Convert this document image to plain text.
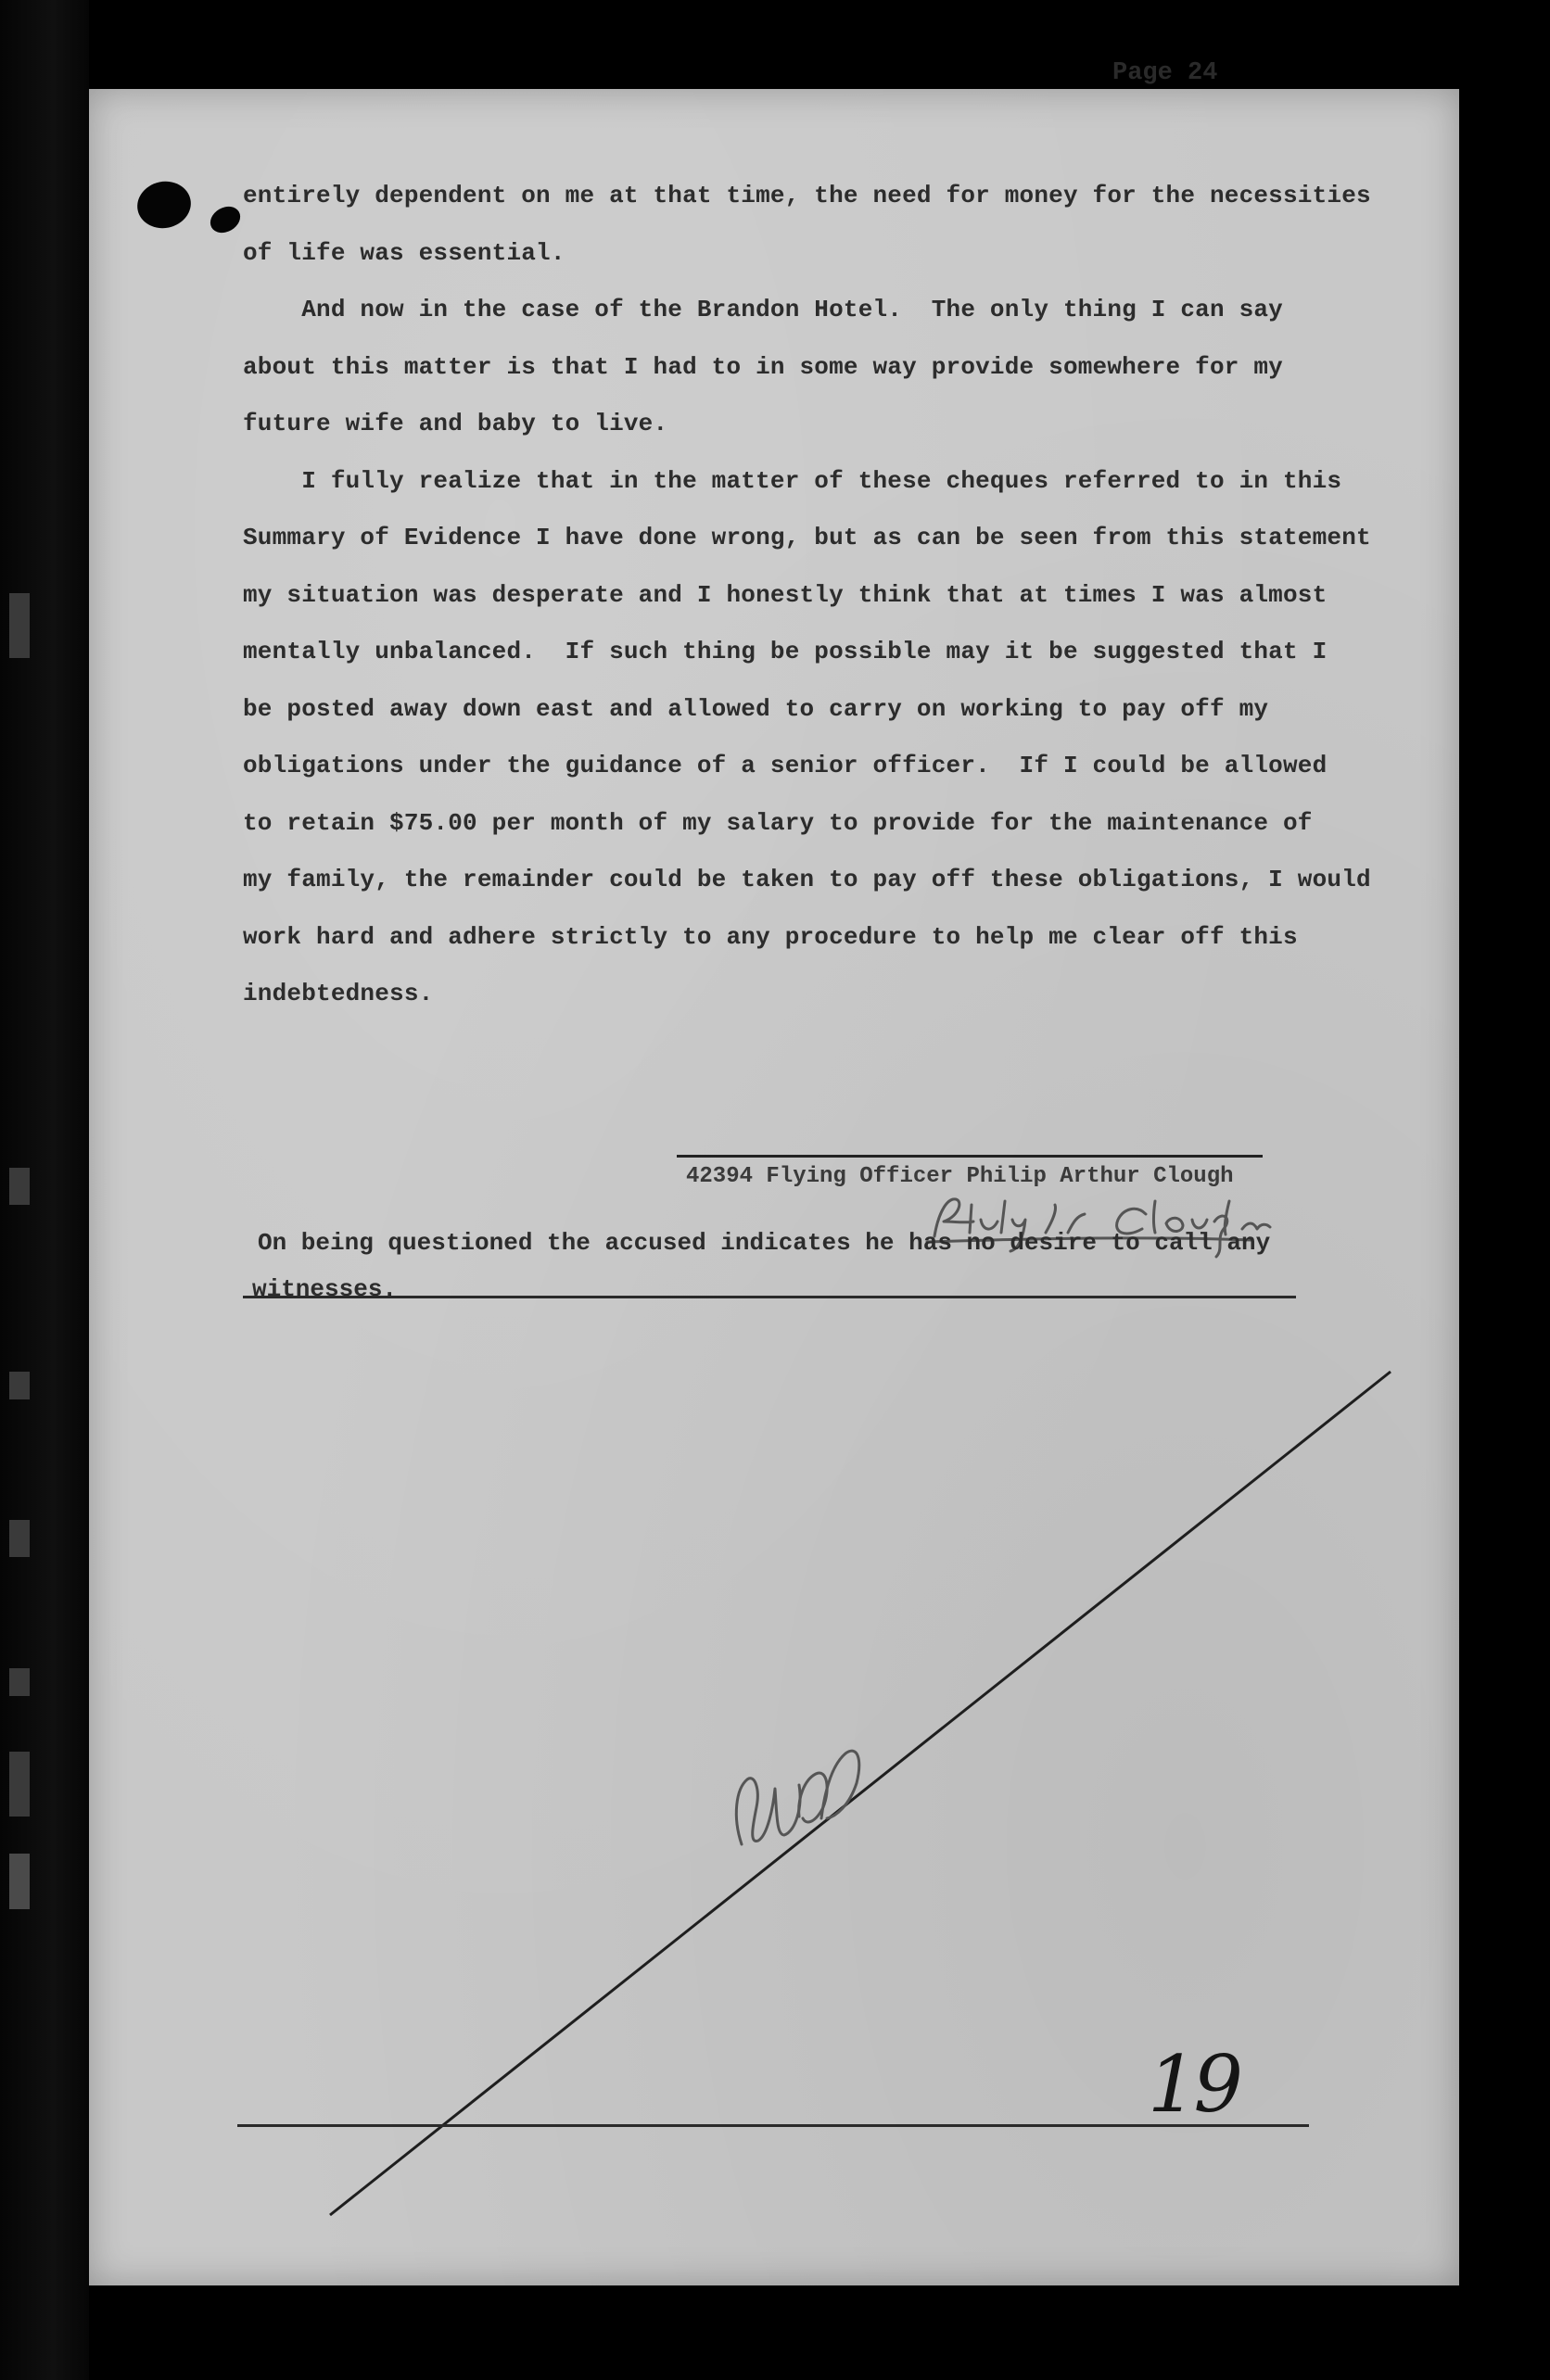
Page 24
entirely dependent on me at that time, the need for money for the necessities
of life was essential.
And now in the case of the Brandon Hotel.  The only thing I can say
about this matter is that I had to in some way provide somewhere for my
future wife and baby to live.
I fully realize that in the matter of these cheques referred to in this
Summary of Evidence I have done wrong, but as can be seen from this statement
my situation was desperate and I honestly think that at times I was almost
mentally unbalanced.  If such thing be possible may it be suggested that I
be posted away down east and allowed to carry on working to pay off my
obligations under the guidance of a senior officer.  If I could be allowed
to retain $75.00 per month of my salary to provide for the maintenance of
my family, the remainder could be taken to pay off these obligations, I would
work hard and adhere strictly to any procedure to help me clear off this
indebtedness.
42394 Flying Officer Philip Arthur Clough
On being questioned the accused indicates he has no desire to call any
witnesses.
19
